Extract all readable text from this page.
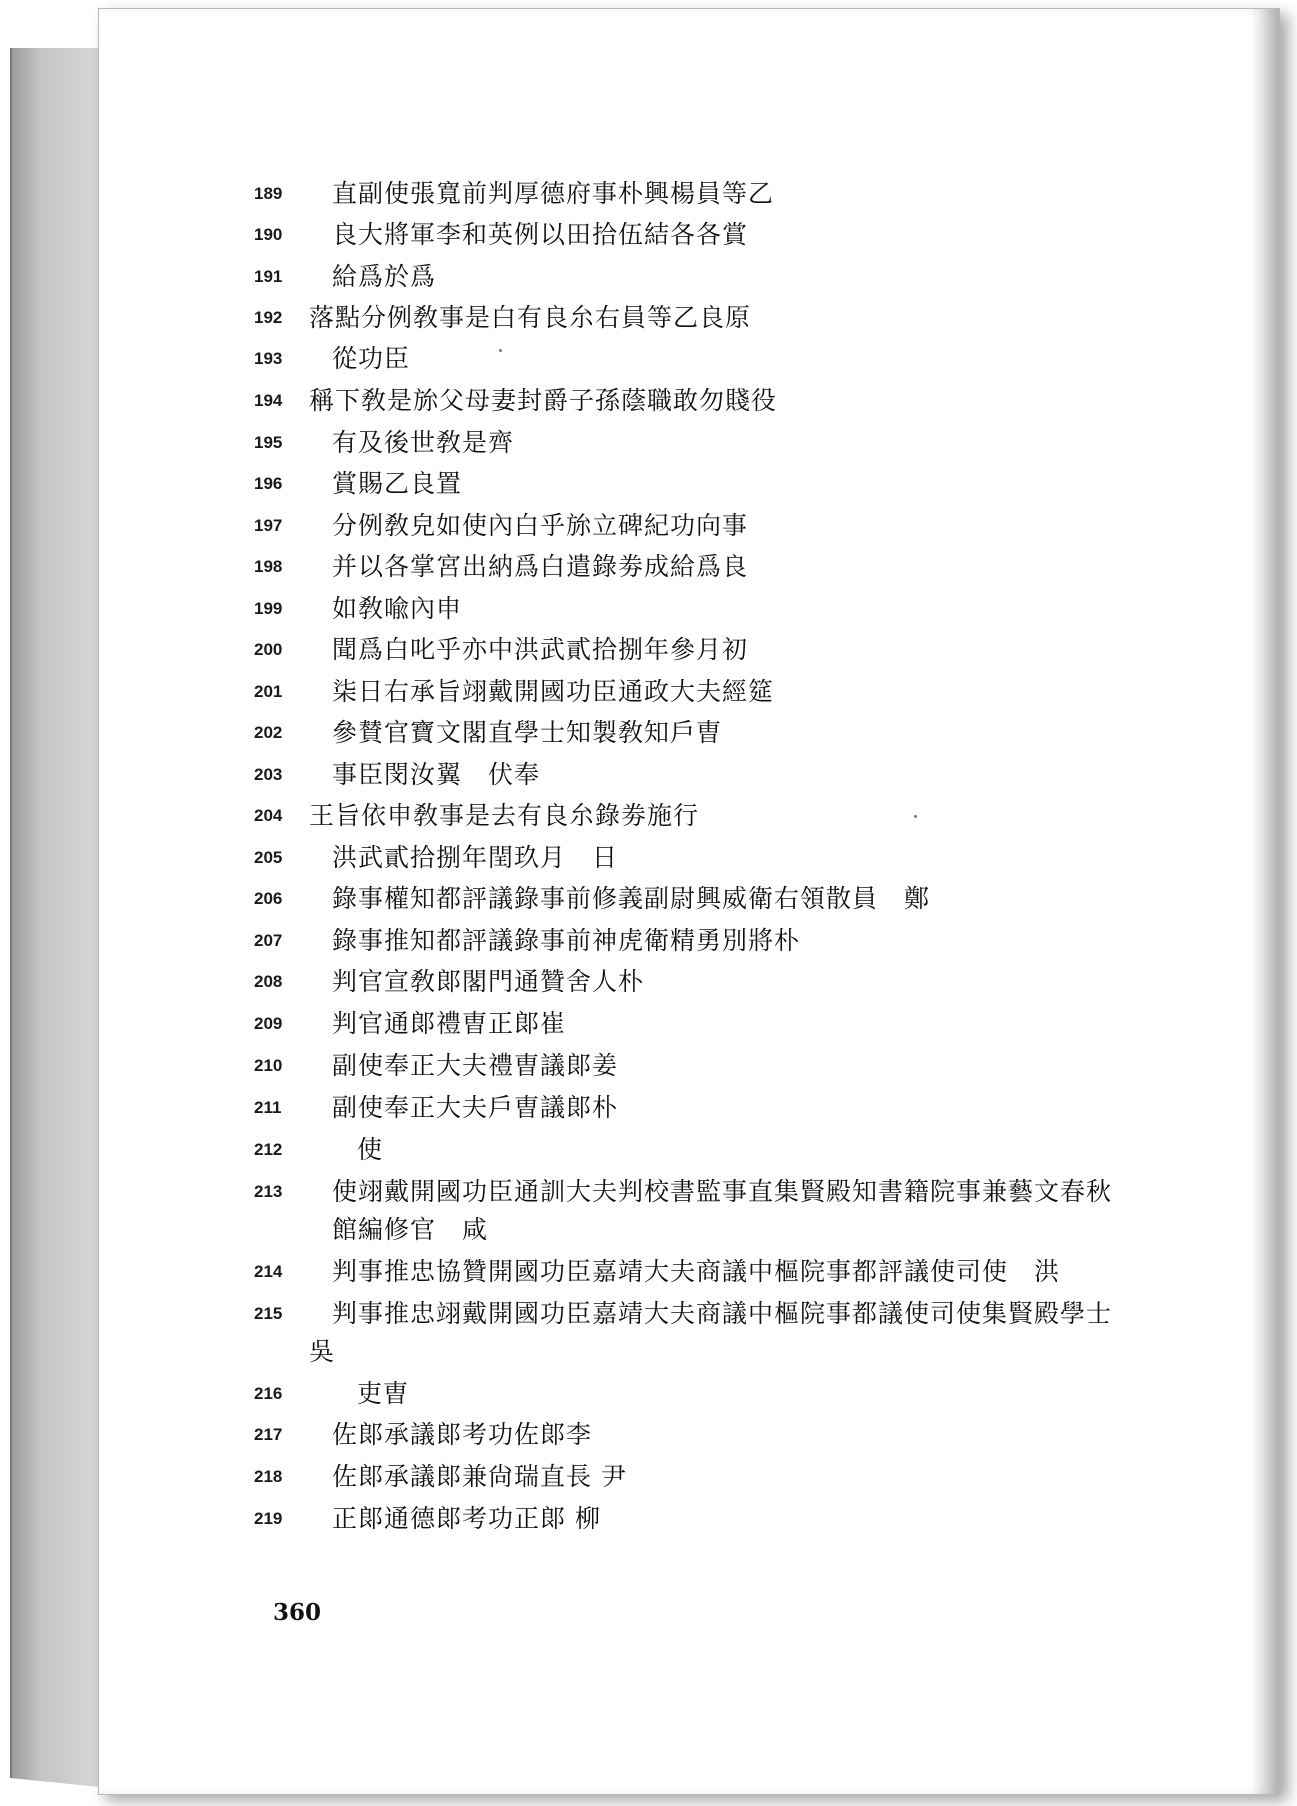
189	直副使張寬前判厚德府事朴興楊員等乙
190	良大將軍李和英例以田拾伍結各各賞
191	給爲於爲
192	落點分例敎事是白有良厼右員等乙良原
193	從功臣
194	稱下敎是旀父母妻封爵子孫蔭職敢勿賤役
195	有及後世敎是齊
196	賞賜乙良置
197	分例敎皃如使內白乎旀立碑紀功向事
198	并以各掌宮出納爲白遣錄劵成給爲良
199	如敎喩內申
200	聞爲白叱乎亦中洪武貳拾捌年參月初
201	柒日右承旨翊戴開國功臣通政大夫經筵
202	參賛官寶文閣直學士知製敎知戶曺
203	事臣閔汝翼　伏奉
204	王旨依申敎事是去有良厼錄劵施行
205	洪武貳拾捌年閏玖月　日
206	錄事權知都評議錄事前修義副尉興威衛右領散員　鄭
207	錄事推知都評議錄事前神虎衛精勇別將朴
208	判官宣敎郞閣門通贊舍人朴
209	判官通郞禮曺正郞崔
210	副使奉正大夫禮曺議郞姜
211	副使奉正大夫戶曺議郞朴
212	使
213	使翊戴開國功臣通訓大夫判校書監事直集賢殿知書籍院事兼藝文春秋
館編修官　咸
214	判事推忠協贊開國功臣嘉靖大夫商議中樞院事都評議使司使　洪
215	判事推忠翊戴開國功臣嘉靖大夫商議中樞院事都議使司使集賢殿學士
吳
216	吏曺
217	佐郞承議郞考功佐郞李
218	佐郞承議郞兼尙瑞直長 尹
219	正郞通德郞考功正郞 柳
360
